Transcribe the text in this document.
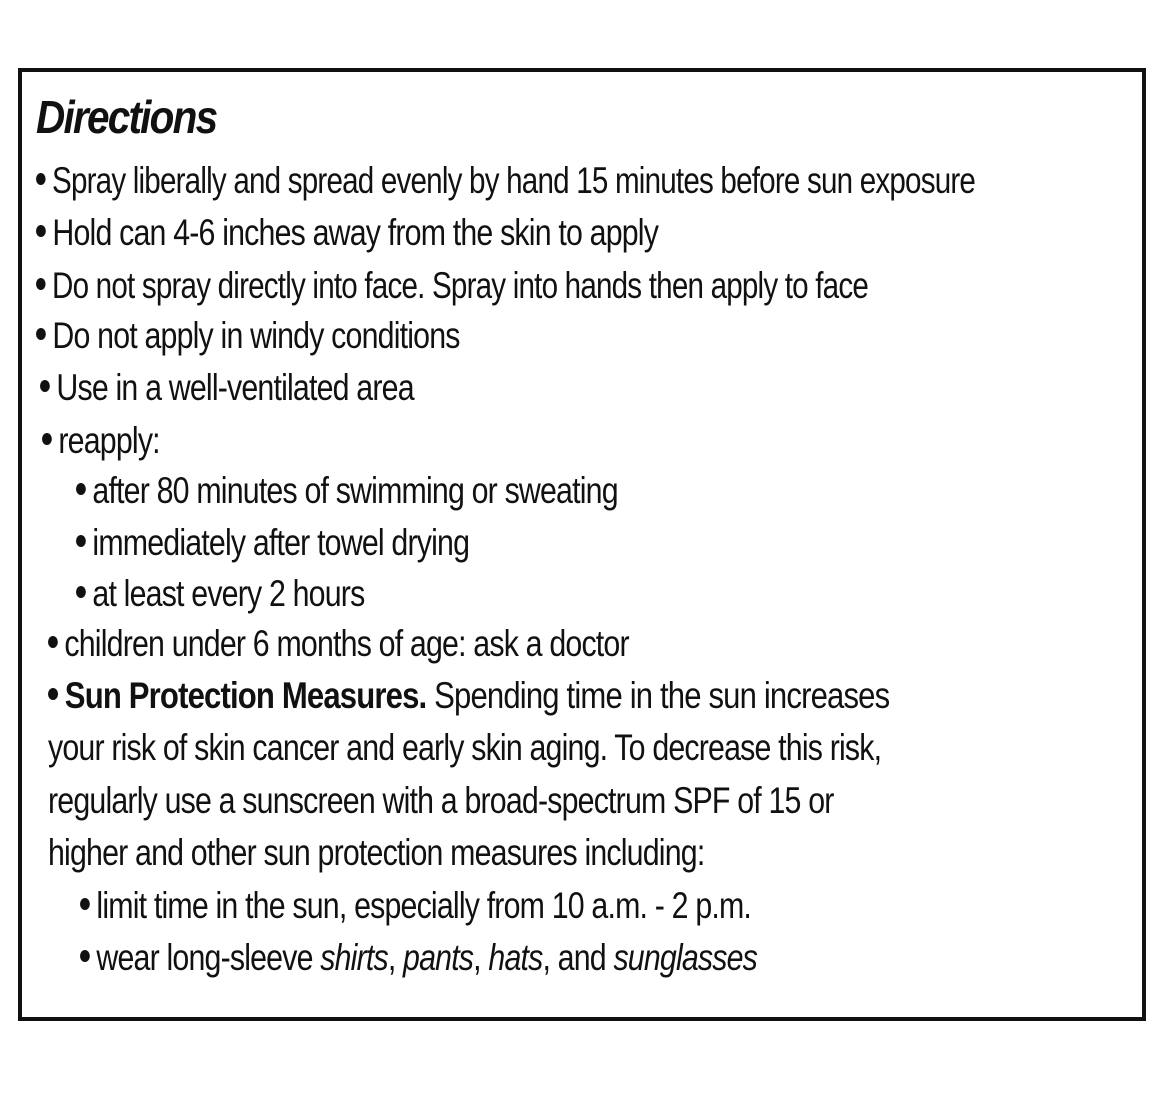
Directions
Spray liberally and spread evenly by hand 15 minutes before sun exposure
Hold can 4-6 inches away from the skin to apply
Do not spray directly into face. Spray into hands then apply to face
Do not apply in windy conditions
Use in a well-ventilated area
reapply:
after 80 minutes of swimming or sweating
immediately after towel drying
at least every 2 hours
children under 6 months of age: ask a doctor
Sun Protection Measures. Spending time in the sun increases
your risk of skin cancer and early skin aging. To decrease this risk,
regularly use a sunscreen with a broad-spectrum SPF of 15 or
higher and other sun protection measures including:
limit time in the sun, especially from 10 a.m. - 2 p.m.
wear long-sleeve shirts, pants, hats, and sunglasses
